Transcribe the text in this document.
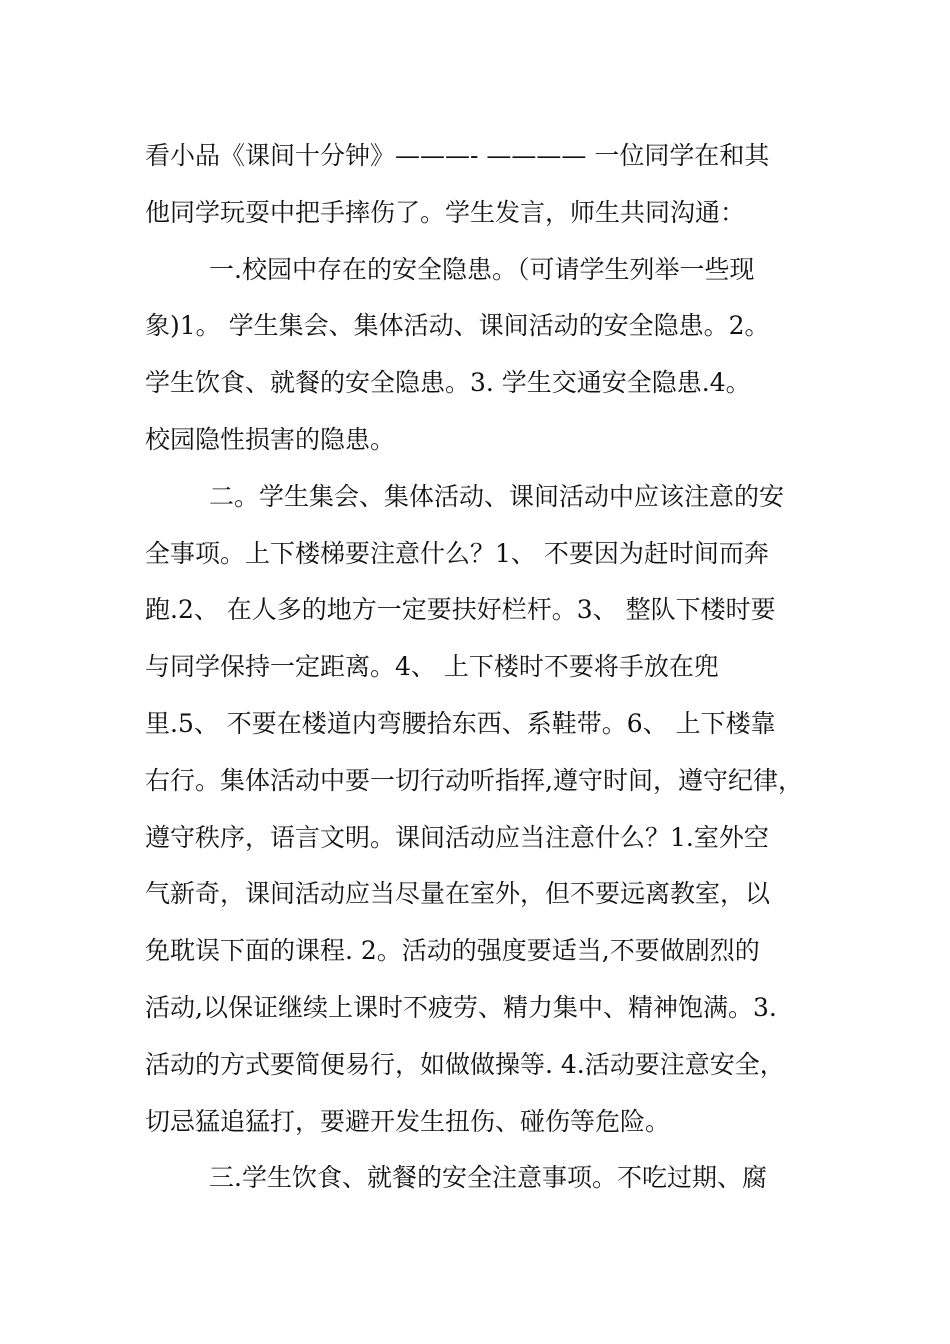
看小品《课间十分钟》———- ———— 一位同学在和其
他同学玩耍中把手摔伤了。学生发言，师生共同沟通：
一.校园中存在的安全隐患。（可请学生列举一些现
象)1。 学生集会、集体活动、课间活动的安全隐患。2。
学生饮食、就餐的安全隐患。3. 学生交通安全隐患.4。
校园隐性损害的隐患。
二。学生集会、集体活动、课间活动中应该注意的安
全事项。上下楼梯要注意什么？1、 不要因为赶时间而奔
跑.2、 在人多的地方一定要扶好栏杆。3、 整队下楼时要
与同学保持一定距离。4、 上下楼时不要将手放在兜
里.5、 不要在楼道内弯腰拾东西、系鞋带。6、 上下楼靠
右行。集体活动中要一切行动听指挥,遵守时间，遵守纪律，
遵守秩序，语言文明。课间活动应当注意什么？1.室外空
气新奇，课间活动应当尽量在室外，但不要远离教室，以
免耽误下面的课程. 2。活动的强度要适当,不要做剧烈的
活动,以保证继续上课时不疲劳、精力集中、精神饱满。3.
活动的方式要简便易行，如做做操等. 4.活动要注意安全，
切忌猛追猛打，要避开发生扭伤、碰伤等危险。
三.学生饮食、就餐的安全注意事项。不吃过期、腐
